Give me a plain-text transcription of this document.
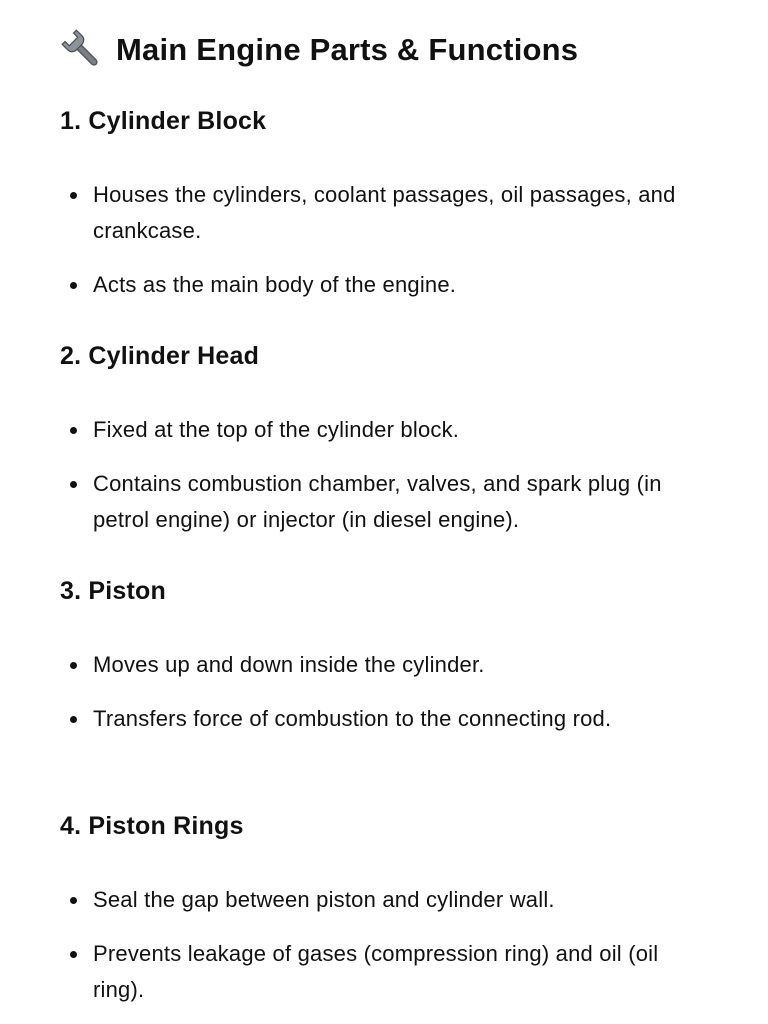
Main Engine Parts & Functions
1. Cylinder Block
Houses the cylinders, coolant passages, oil passages, and crankcase.
Acts as the main body of the engine.
2. Cylinder Head
Fixed at the top of the cylinder block.
Contains combustion chamber, valves, and spark plug (in petrol engine) or injector (in diesel engine).
3. Piston
Moves up and down inside the cylinder.
Transfers force of combustion to the connecting rod.
4. Piston Rings
Seal the gap between piston and cylinder wall.
Prevents leakage of gases (compression ring) and oil (oil ring).
